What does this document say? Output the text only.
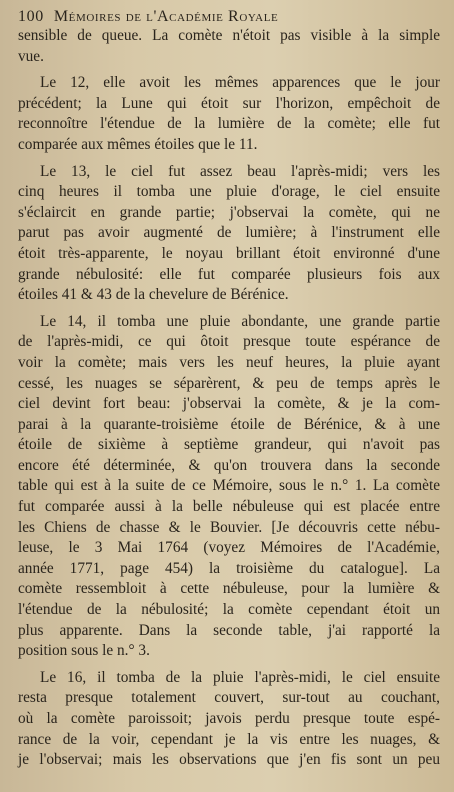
100 Mémoires de l'Académie Royale

sensible de queue. La comète n'étoit pas visible à la simple
vue.

Le 12, elle avoit les mêmes apparences que le jour
précédent; la Lune qui étoit sur l'horizon, empêchoit de
reconnoître l'étendue de la lumière de la comète; elle fut
comparée aux mêmes étoiles que le 11.

Le 13, le ciel fut assez beau l'après-midi; vers les
cinq heures il tomba une pluie d'orage, le ciel ensuite
s'éclaircit en grande partie; j'observai la comète, qui ne
parut pas avoir augmenté de lumière; à l'instrument elle
étoit très-apparente, le noyau brillant étoit environné d'une
grande nébulosité: elle fut comparée plusieurs fois aux
étoiles 41 & 43 de la chevelure de Bérénice.

Le 14, il tomba une pluie abondante, une grande partie
de l'après-midi, ce qui ôtoit presque toute espérance de
voir la comète; mais vers les neuf heures, la pluie ayant
cessé, les nuages se séparèrent, & peu de temps après le
ciel devint fort beau: j'observai la comète, & je la com-
parai à la quarante-troisième étoile de Bérénice, & à une
étoile de sixième à septième grandeur, qui n'avoit pas
encore été déterminée, & qu'on trouvera dans la seconde
table qui est à la suite de ce Mémoire, sous le n.° 1. La comète
fut comparée aussi à la belle nébuleuse qui est placée entre
les Chiens de chasse & le Bouvier. [Je découvris cette nébu-
leuse, le 3 Mai 1764 (voyez Mémoires de l'Académie,
année 1771, page 454) la troisième du catalogue]. La
comète ressembloit à cette nébuleuse, pour la lumière &
l'étendue de la nébulosité; la comète cependant étoit un
plus apparente. Dans la seconde table, j'ai rapporté la
position sous le n.° 3.

Le 16, il tomba de la pluie l'après-midi, le ciel ensuite
resta presque totalement couvert, sur-tout au couchant,
où la comète paroissoit; javois perdu presque toute espé-
rance de la voir, cependant je la vis entre les nuages, &
je l'observai; mais les observations que j'en fis sont un peu
